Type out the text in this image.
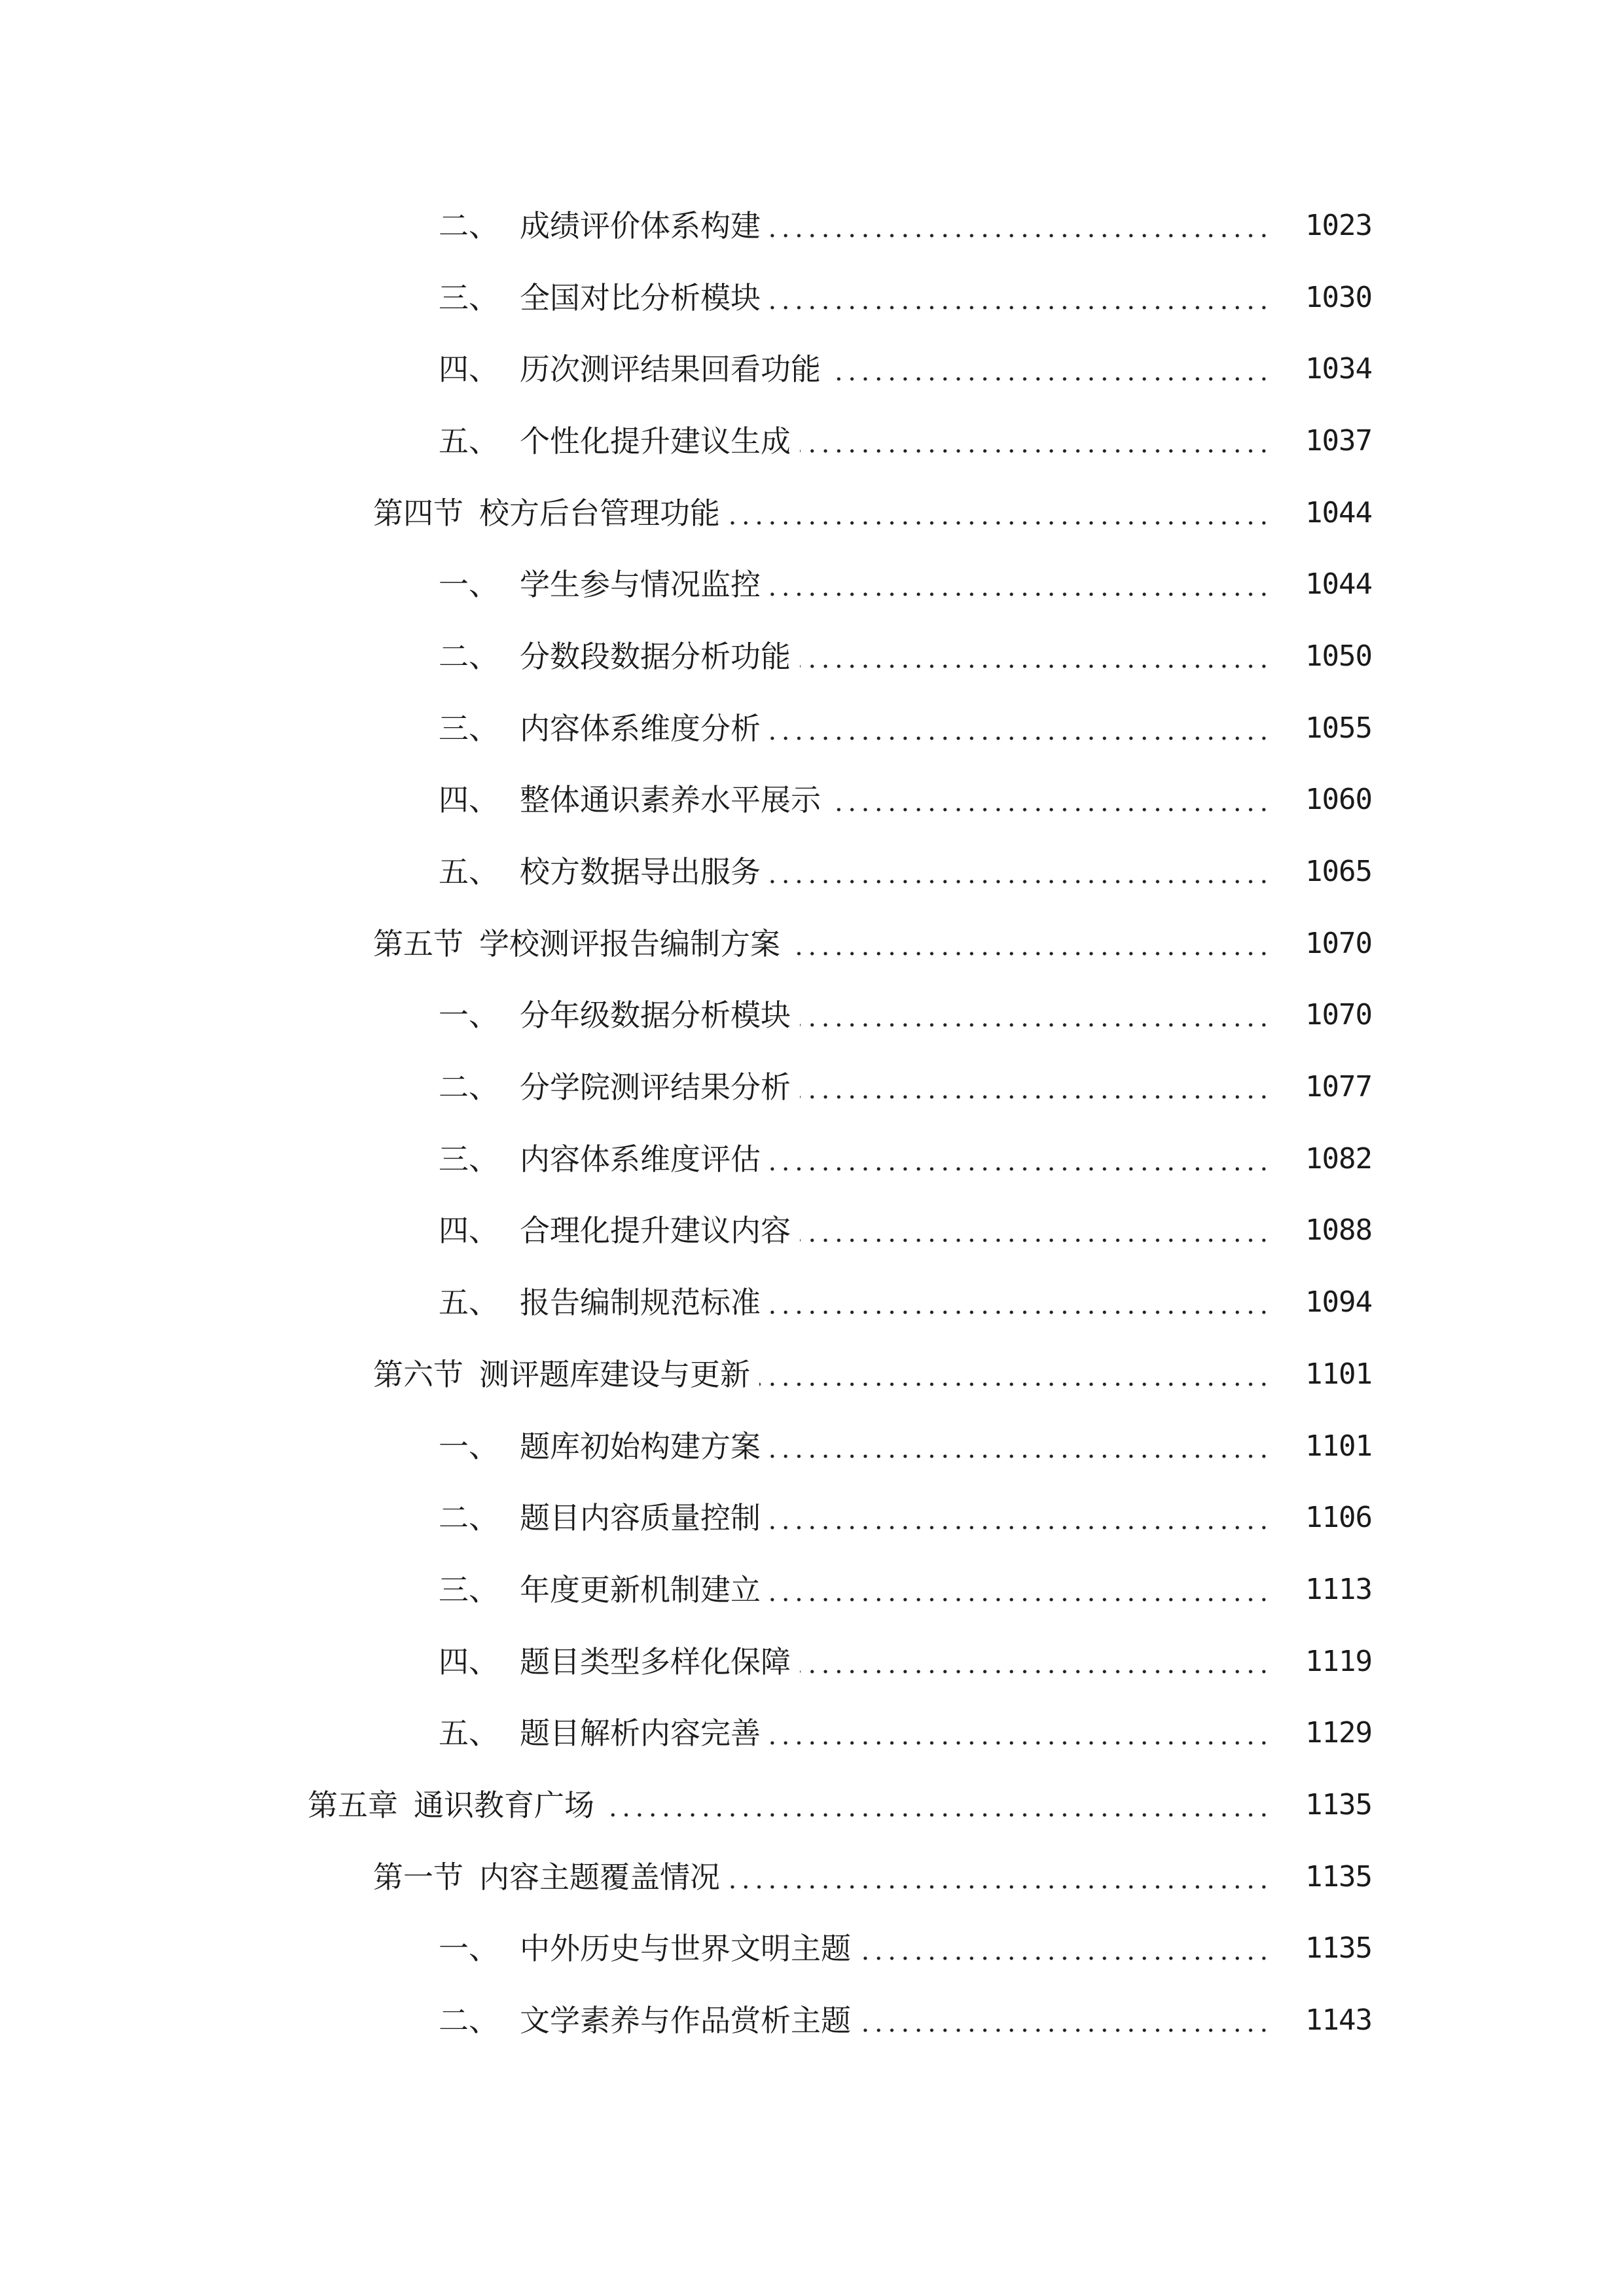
二、 成绩评价体系构建	1023
三、 全国对比分析模块	1030
四、 历次测评结果回看功能	1034
五、 个性化提升建议生成	1037
第四节 校方后台管理功能	1044
一、 学生参与情况监控	1044
二、 分数段数据分析功能	1050
三、 内容体系维度分析	1055
四、 整体通识素养水平展示	1060
五、 校方数据导出服务	1065
第五节 学校测评报告编制方案	1070
一、 分年级数据分析模块	1070
二、 分学院测评结果分析	1077
三、 内容体系维度评估	1082
四、 合理化提升建议内容	1088
五、 报告编制规范标准	1094
第六节 测评题库建设与更新	1101
一、 题库初始构建方案	1101
二、 题目内容质量控制	1106
三、 年度更新机制建立	1113
四、 题目类型多样化保障	1119
五、 题目解析内容完善	1129
第五章 通识教育广场	1135
第一节 内容主题覆盖情况	1135
一、 中外历史与世界文明主题	1135
二、 文学素养与作品赏析主题	1143
